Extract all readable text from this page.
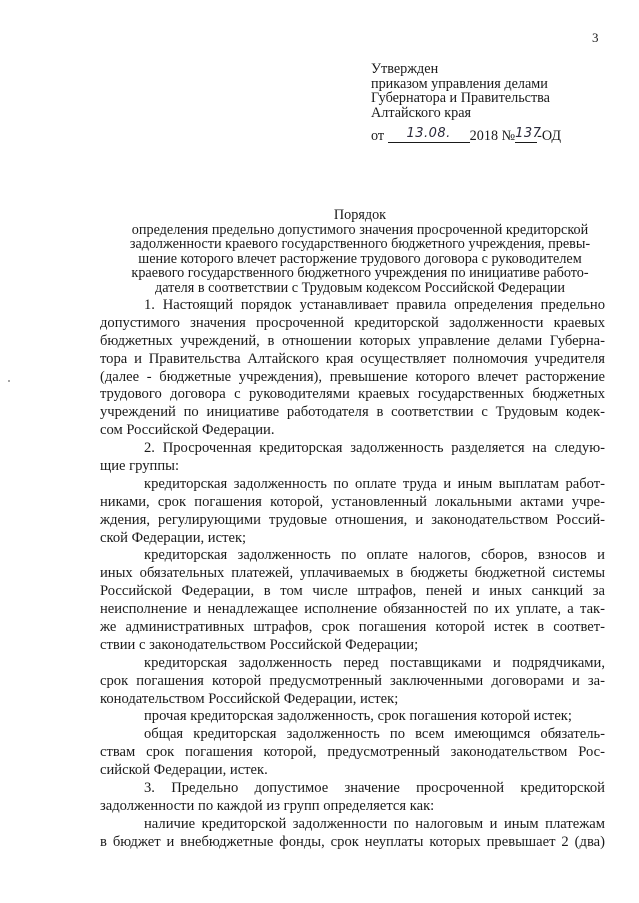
3
Утвержден
приказом управления делами
Губернатора и Правительства
Алтайского края
от 13.08. 2018 №137-ОД
Порядок
определения предельно допустимого значения просроченной кредиторской
задолженности краевого государственного бюджетного учреждения, превы-
шение которого влечет расторжение трудового договора с руководителем
краевого государственного бюджетного учреждения по инициативе работо-
дателя в соответствии с Трудовым кодексом Российской Федерации
1. Настоящий порядок устанавливает правила определения предельно
допустимого значения просроченной кредиторской задолженности краевых
бюджетных учреждений, в отношении которых управление делами Губерна-
тора и Правительства Алтайского края осуществляет полномочия учредителя
(далее - бюджетные учреждения), превышение которого влечет расторжение
трудового договора с руководителями краевых государственных бюджетных
учреждений по инициативе работодателя в соответствии с Трудовым кодек-
сом Российской Федерации.
2. Просроченная кредиторская задолженность разделяется на следую-
щие группы:
кредиторская задолженность по оплате труда и иным выплатам работ-
никами, срок погашения которой, установленный локальными актами учре-
ждения, регулирующими трудовые отношения, и законодательством Россий-
ской Федерации, истек;
кредиторская задолженность по оплате налогов, сборов, взносов и
иных обязательных платежей, уплачиваемых в бюджеты бюджетной системы
Российской Федерации, в том числе штрафов, пеней и иных санкций за
неисполнение и ненадлежащее исполнение обязанностей по их уплате, а так-
же административных штрафов, срок погашения которой истек в соответ-
ствии с законодательством Российской Федерации;
кредиторская задолженность перед поставщиками и подрядчиками,
срок погашения которой предусмотренный заключенными договорами и за-
конодательством Российской Федерации, истек;
прочая кредиторская задолженность, срок погашения которой истек;
общая кредиторская задолженность по всем имеющимся обязатель-
ствам срок погашения которой, предусмотренный законодательством Рос-
сийской Федерации, истек.
3. Предельно допустимое значение просроченной кредиторской
задолженности по каждой из групп определяется как:
наличие кредиторской задолженности по налоговым и иным платежам
в бюджет и внебюджетные фонды, срок неуплаты которых превышает 2 (два)
